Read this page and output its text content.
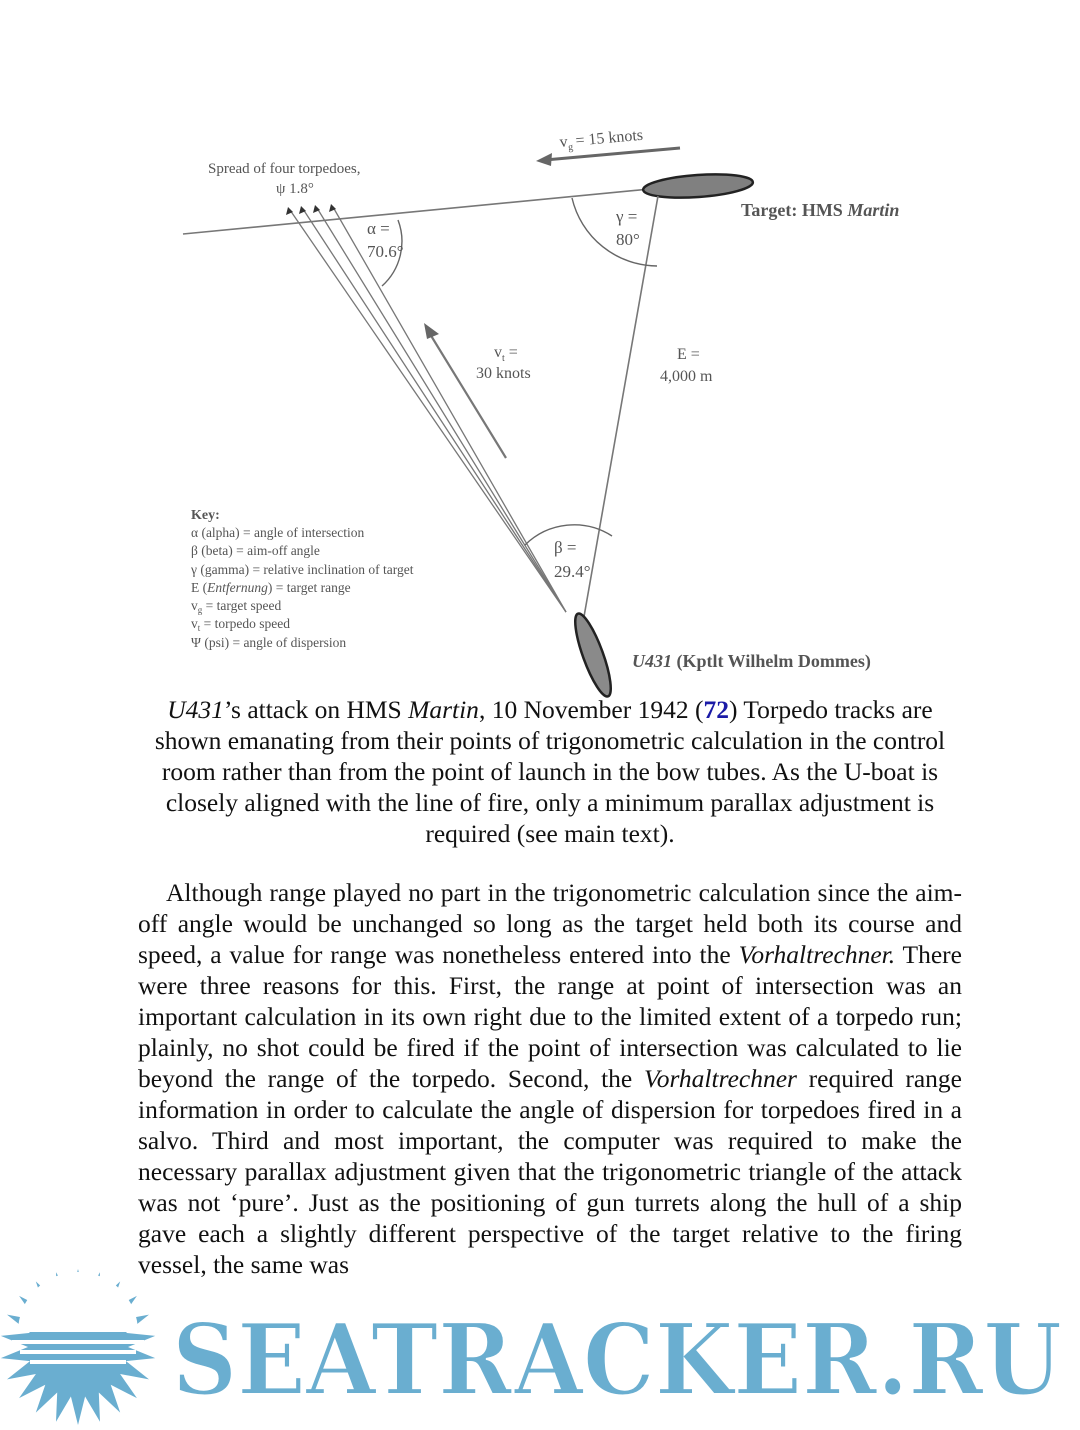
$v_g= 15$ knots
Target: HMS Martin
Spread of four torpedoes,
ψ 1.8°
α =
70.6°
γ =
80°
β =
29.4°
$v_t$ =
30 knots
E =
4,000 m
U431 (Kptlt Wilhelm Dommes)
Key:
α (alpha) = angle of intersection
β (beta) = aim-off angle
γ (gamma) = relative inclination of target
E (Entfernung) = target range
$v_g$ = target speed
$v_t$ = torpedo speed
Ψ (psi) = angle of dispersion
U431’s attack on HMS Martin, 10 November 1942 (72) Torpedo tracks are shown emanating from their points of trigonometric calculation in the control room rather than from the point of launch in the bow tubes. As the U-boat is closely aligned with the line of fire, only a minimum parallax adjustment is required (see main text).
Although range played no part in the trigonometric calculation since the aim-off angle would be unchanged so long as the target held both its course and speed, a value for range was nonetheless entered into the Vorhaltrechner. There were three reasons for this. First, the range at point of intersection was an important calculation in its own right due to the limited extent of a torpedo run; plainly, no shot could be fired if the point of intersection was calculated to lie beyond the range of the torpedo. Second, the Vorhaltrechner required range information in order to calculate the angle of dispersion for torpedoes fired in a salvo. Third and most important, the computer was required to make the necessary parallax adjustment given that the trigonometric triangle of the attack was not ‘pure’. Just as the positioning of gun turrets along the hull of a ship gave each a slightly different perspective of the target relative to the firing vessel, the same was
SEATRACKER.RU
